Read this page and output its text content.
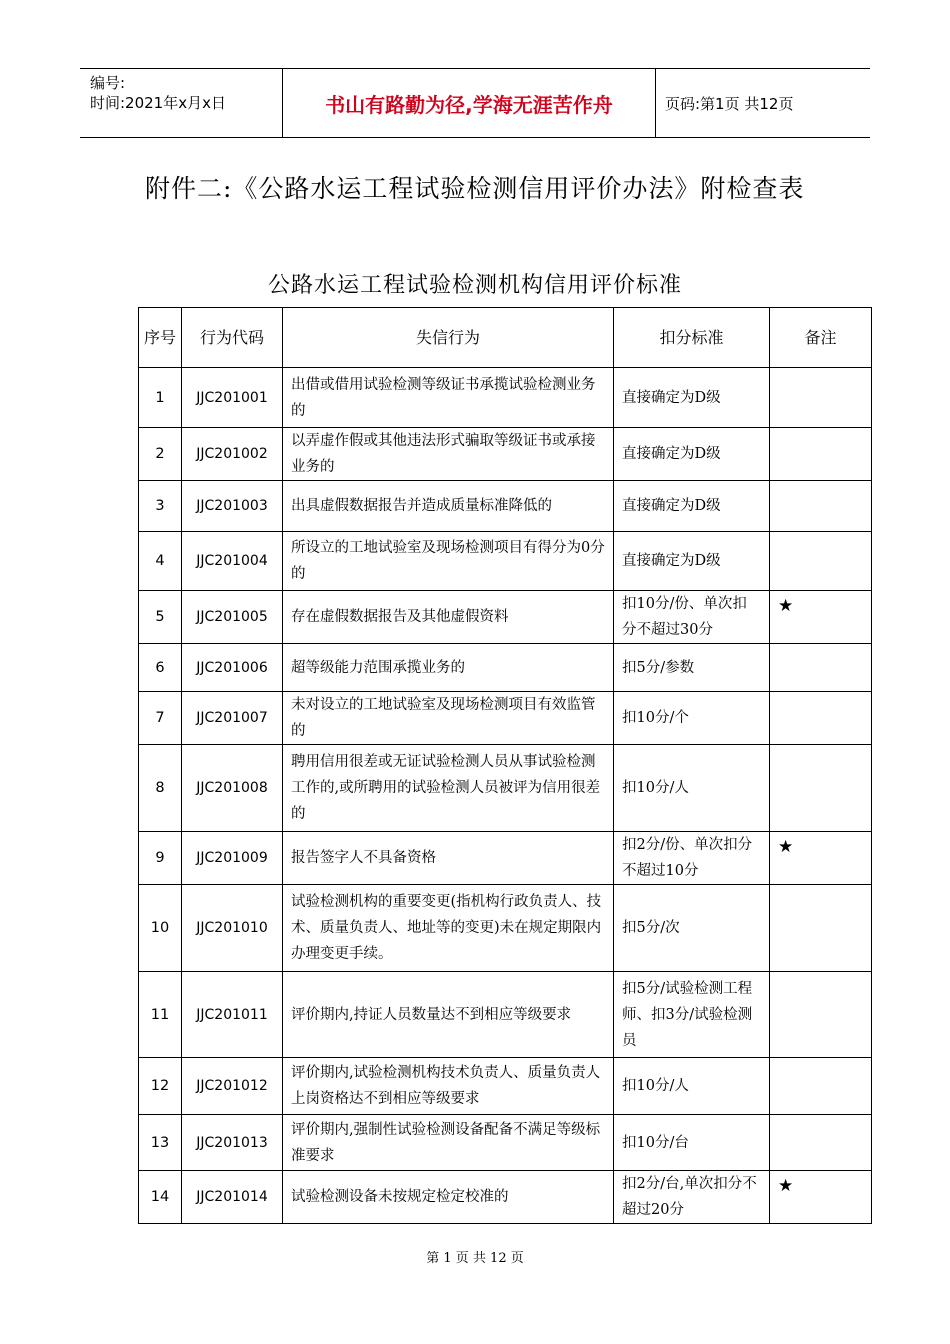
编号:
时间:2021年x月x日	书山有路勤为径,学海无涯苦作舟	页码:第1页 共12页
附件二:《公路水运工程试验检测信用评价办法》附检查表
公路水运工程试验检测机构信用评价标准
序号	行为代码	失信行为	扣分标准	备注
1	JJC201001	出借或借用试验检测等级证书承揽试验检测业务的	直接确定为D级	
2	JJC201002	以弄虚作假或其他违法形式骗取等级证书或承接业务的	直接确定为D级	
3	JJC201003	出具虚假数据报告并造成质量标准降低的	直接确定为D级	
4	JJC201004	所设立的工地试验室及现场检测项目有得分为0分的	直接确定为D级	
5	JJC201005	存在虚假数据报告及其他虚假资料	扣10分/份、单次扣分不超过30分	★
6	JJC201006	超等级能力范围承揽业务的	扣5分/参数	
7	JJC201007	未对设立的工地试验室及现场检测项目有效监管的	扣10分/个	
8	JJC201008	聘用信用很差或无证试验检测人员从事试验检测工作的,或所聘用的试验检测人员被评为信用很差的	扣10分/人	
9	JJC201009	报告签字人不具备资格	扣2分/份、单次扣分不超过10分	★
10	JJC201010	试验检测机构的重要变更(指机构行政负责人、技术、质量负责人、地址等的变更)未在规定期限内办理变更手续。	扣5分/次	
11	JJC201011	评价期内,持证人员数量达不到相应等级要求	扣5分/试验检测工程师、扣3分/试验检测员	
12	JJC201012	评价期内,试验检测机构技术负责人、质量负责人上岗资格达不到相应等级要求	扣10分/人	
13	JJC201013	评价期内,强制性试验检测设备配备不满足等级标准要求	扣10分/台	
14	JJC201014	试验检测设备未按规定检定校准的	扣2分/台,单次扣分不超过20分	★
第 1 页 共 12 页
